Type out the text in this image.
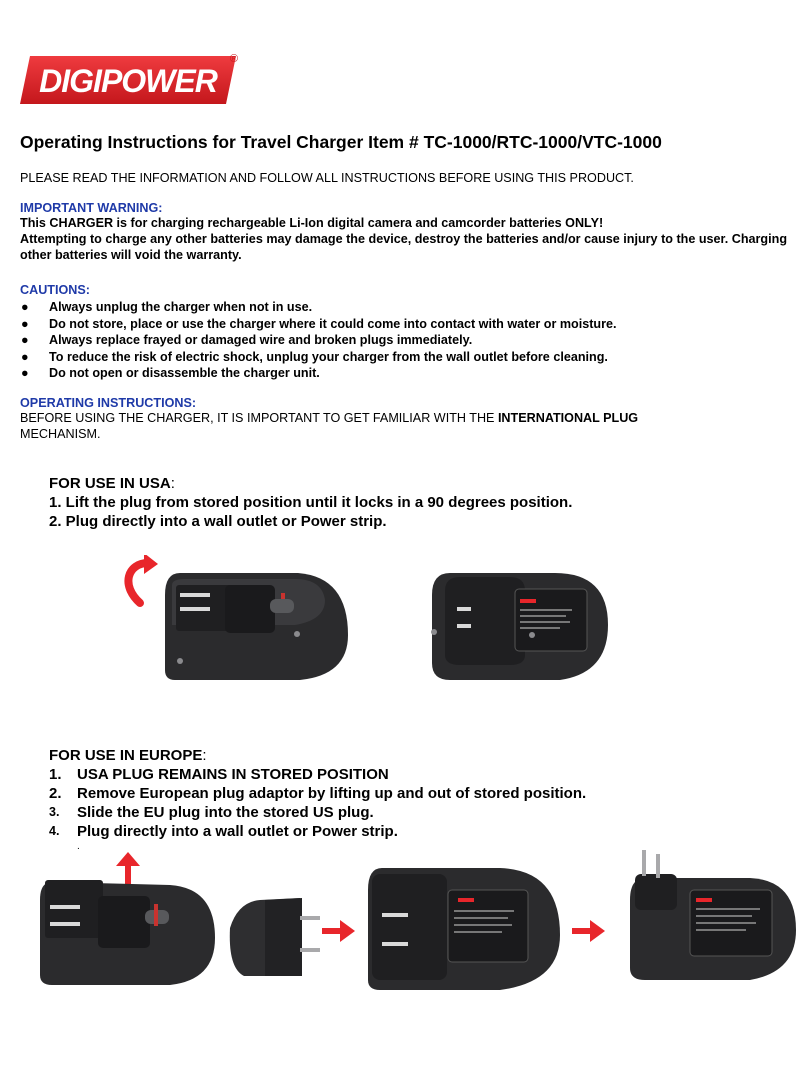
DIGIPOWER
®
Operating Instructions for Travel Charger Item # TC-1000/RTC-1000/VTC-1000
PLEASE READ THE INFORMATION AND FOLLOW ALL INSTRUCTIONS BEFORE USING THIS PRODUCT.
IMPORTANT WARNING:
This CHARGER is for charging rechargeable Li-Ion digital camera and camcorder batteries ONLY!
Attempting to charge any other batteries may damage the device, destroy the batteries and/or cause injury to the user. Charging other batteries will void the warranty.
CAUTIONS:
● Always unplug the charger when not in use.
● Do not store, place or use the charger where it could come into contact with water or moisture.
● Always replace frayed or damaged wire and broken plugs immediately.
● To reduce the risk of electric shock, unplug your charger from the wall outlet before cleaning.
● Do not open or disassemble the charger unit.
OPERATING INSTRUCTIONS:
BEFORE USING THE CHARGER, IT IS IMPORTANT TO GET FAMILIAR WITH THE INTERNATIONAL PLUG
MECHANISM.
FOR USE IN USA:
1. Lift the plug from stored position until it locks in a 90 degrees position.
2. Plug directly into a wall outlet or Power strip.
FOR USE IN EUROPE:
1. USA PLUG REMAINS IN STORED POSITION
2. Remove European plug adaptor by lifting up and out of stored position.
3. Slide the EU plug into the stored US plug.
4. Plug directly into a wall outlet or Power strip.
.
